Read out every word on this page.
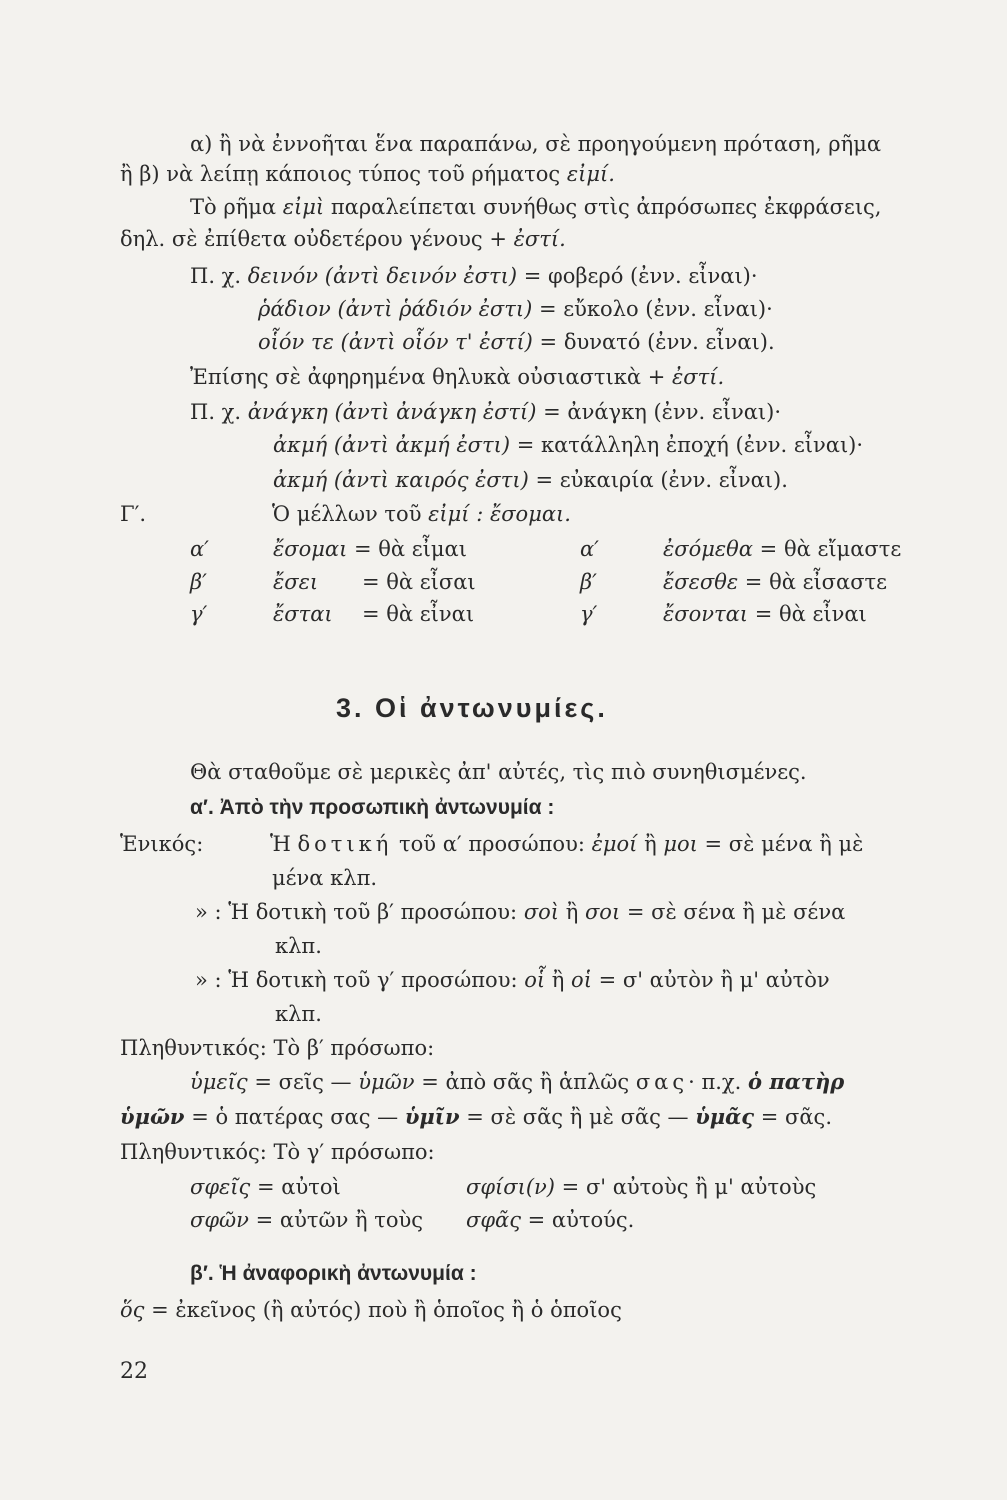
α) ἢ νὰ ἐννοῆται ἕνα παραπάνω, σὲ προηγούμενη πρόταση, ρῆμα
ἢ β) νὰ λείπῃ κάποιος τύπος τοῦ ρήματος εἰμί.
Τὸ ρῆμα εἰμὶ παραλείπεται συνήθως στὶς ἀπρόσωπες ἐκφράσεις,
δηλ. σὲ ἐπίθετα οὐδετέρου γένους + ἐστί.
Π. χ. δεινόν (ἀντὶ δεινόν ἐστι) = φοβερό (ἐνν. εἶναι)·
ῥάδιον (ἀντὶ ῥάδιόν ἐστι) = εὔκολο (ἐνν. εἶναι)·
οἷόν τε (ἀντὶ οἷόν τ' ἐστί) = δυνατό (ἐνν. εἶναι).
Ἐπίσης σὲ ἀφηρημένα θηλυκὰ οὐσιαστικὰ + ἐστί.
Π. χ. ἀνάγκη (ἀντὶ ἀνάγκη ἐστί) = ἀνάγκη (ἐνν. εἶναι)·
ἀκμή (ἀντὶ ἀκμή ἐστι) = κατάλληλη ἐποχή (ἐνν. εἶναι)·
ἀκμή (ἀντὶ καιρός ἐστι) = εὐκαιρία (ἐνν. εἶναι).
Γ′.	Ὁ μέλλων τοῦ εἰμί : ἔσομαι.
α′	ἔσομαι = θὰ εἶμαι	α′	ἐσόμεθα = θὰ εἴμαστε
β′	ἔσει = θὰ εἶσαι	β′	ἔσεσθε = θὰ εἶσαστε
γ′	ἔσται = θὰ εἶναι	γ′	ἔσονται = θὰ εἶναι
3. Οἱ ἀντωνυμίες.
Θὰ σταθοῦμε σὲ μερικὲς ἀπ' αὐτές, τὶς πιὸ συνηθισμένες.
α′. Ἀπὸ τὴν προσωπικὴ ἀντωνυμία :
Ἑνικός:	Ἡ δοτική τοῦ α′ προσώπου: ἐμοί ἢ μοι = σὲ μένα ἢ μὲ
μένα κλπ.
» : Ἡ δοτικὴ τοῦ β′ προσώπου: σοὶ ἢ σοι = σὲ σένα ἢ μὲ σένα
κλπ.
» : Ἡ δοτικὴ τοῦ γ′ προσώπου: οἷ ἢ οἱ = σ' αὐτὸν ἢ μ' αὐτὸν
κλπ.
Πληθυντικός: Τὸ β′ πρόσωπο:
ὑμεῖς = σεῖς — ὑμῶν = ἀπὸ σᾶς ἢ ἁπλῶς σας· π.χ. ὁ πατὴρ
ὑμῶν = ὁ πατέρας σας — ὑμῖν = σὲ σᾶς ἢ μὲ σᾶς — ὑμᾶς = σᾶς.
Πληθυντικός: Τὸ γ′ πρόσωπο:
σφεῖς = αὐτοὶ	σφίσι(ν) = σ' αὐτοὺς ἢ μ' αὐτοὺς
σφῶν = αὐτῶν ἢ τοὺς σφᾶς = αὐτούς.
β′. Ἡ ἀναφορικὴ ἀντωνυμία :
ὅς = ἐκεῖνος (ἢ αὐτός) ποὺ ἢ ὁποῖος ἢ ὁ ὁποῖος
22
